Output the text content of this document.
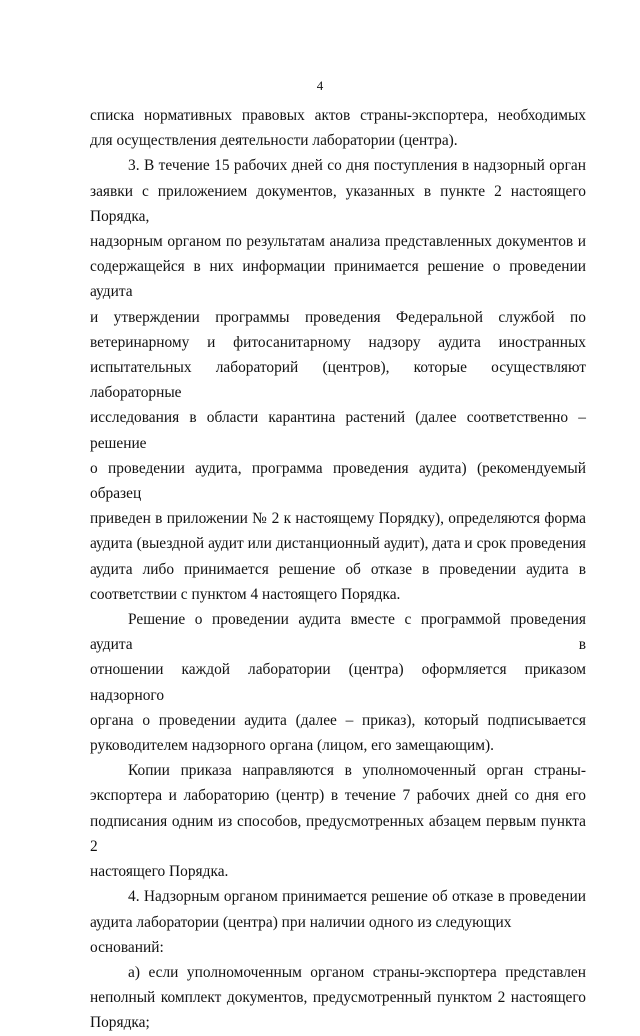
4

списка нормативных правовых актов страны-экспортера, необходимых
для осуществления деятельности лаборатории (центра).

3. В течение 15 рабочих дней со дня поступления в надзорный орган
заявки с приложением документов, указанных в пункте 2 настоящего Порядка,
надзорным органом по результатам анализа представленных документов и
содержащейся в них информации принимается решение о проведении аудита
и утверждении программы проведения Федеральной службой по
ветеринарному и фитосанитарному надзору аудита иностранных
испытательных лабораторий (центров), которые осуществляют лабораторные
исследования в области карантина растений (далее соответственно – решение
о проведении аудита, программа проведения аудита) (рекомендуемый образец
приведен в приложении № 2 к настоящему Порядку), определяются форма
аудита (выездной аудит или дистанционный аудит), дата и срок проведения
аудита либо принимается решение об отказе в проведении аудита в
соответствии с пунктом 4 настоящего Порядка.

Решение о проведении аудита вместе с программой проведения аудита в
отношении каждой лаборатории (центра) оформляется приказом надзорного
органа о проведении аудита (далее – приказ), который подписывается
руководителем надзорного органа (лицом, его замещающим).

Копии приказа направляются в уполномоченный орган страны-
экспортера и лабораторию (центр) в течение 7 рабочих дней со дня его
подписания одним из способов, предусмотренных абзацем первым пункта 2
настоящего Порядка.

4. Надзорным органом принимается решение об отказе в проведении
аудита лаборатории (центра) при наличии одного из следующих оснований:

а) если уполномоченным органом страны-экспортера представлен
неполный комплект документов, предусмотренный пунктом 2 настоящего
Порядка;
